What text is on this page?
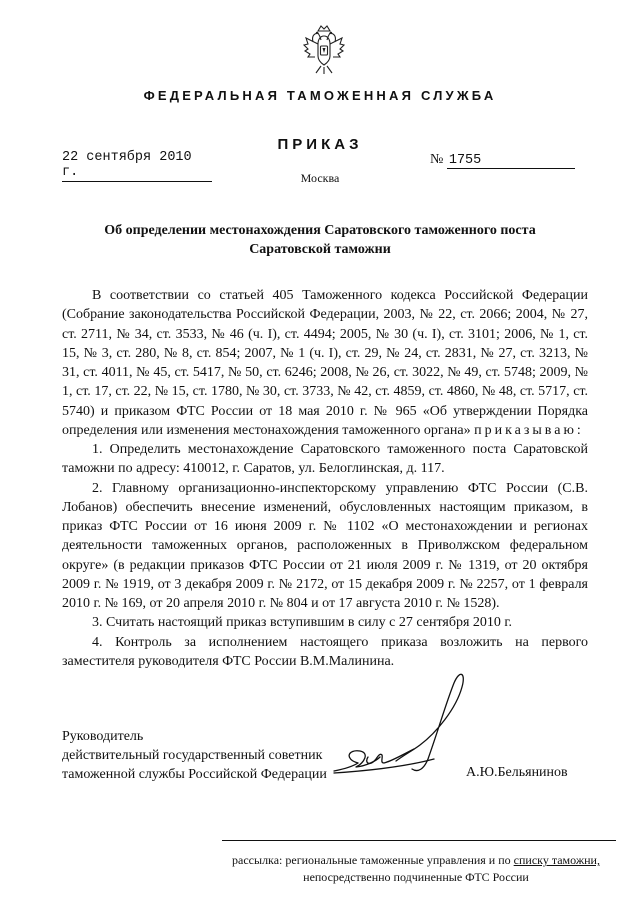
ФЕДЕРАЛЬНАЯ ТАМОЖЕННАЯ СЛУЖБА
ПРИКАЗ
22 сентября 2010 г.
№ 1755
Москва
Об определении местонахождения Саратовского таможенного поста
Саратовской таможни

В соответствии со статьей 405 Таможенного кодекса Российской Федерации (Собрание законодательства Российской Федерации, 2003, № 22, ст. 2066; 2004, № 27, ст. 2711, № 34, ст. 3533, № 46 (ч. I), ст. 4494; 2005, № 30 (ч. I), ст. 3101; 2006, № 1, ст. 15, № 3, ст. 280, № 8, ст. 854; 2007, № 1 (ч. I), ст. 29, № 24, ст. 2831, № 27, ст. 3213, № 31, ст. 4011, № 45, ст. 5417, № 50, ст. 6246; 2008, № 26, ст. 3022, № 49, ст. 5748; 2009, № 1, ст. 17, ст. 22, № 15, ст. 1780, № 30, ст. 3733, № 42, ст. 4859, ст. 4860, № 48, ст. 5717, ст. 5740) и приказом ФТС России от 18 мая 2010 г. № 965 «Об утверждении Порядка определения или изменения местонахождения таможенного органа» приказываю:

1. Определить местонахождение Саратовского таможенного поста Саратовской таможни по адресу: 410012, г. Саратов, ул. Белоглинская, д. 117.

2. Главному организационно-инспекторскому управлению ФТС России (С.В. Лобанов) обеспечить внесение изменений, обусловленных настоящим приказом, в приказ ФТС России от 16 июня 2009 г. № 1102 «О местонахождении и регионах деятельности таможенных органов, расположенных в Приволжском федеральном округе» (в редакции приказов ФТС России от 21 июля 2009 г. № 1319, от 20 октября 2009 г. № 1919, от 3 декабря 2009 г. № 2172, от 15 декабря 2009 г. № 2257, от 1 февраля 2010 г. № 169, от 20 апреля 2010 г. № 804 и от 17 августа 2010 г. № 1528).

3. Считать настоящий приказ вступившим в силу с 27 сентября 2010 г.

4. Контроль за исполнением настоящего приказа возложить на первого заместителя руководителя ФТС России В.М.Малинина.

Руководитель
действительный государственный советник
таможенной службы Российской Федерации	А.Ю.Бельянинов
рассылка: региональные таможенные управления и по списку таможни,
непосредственно подчиненные ФТС России
